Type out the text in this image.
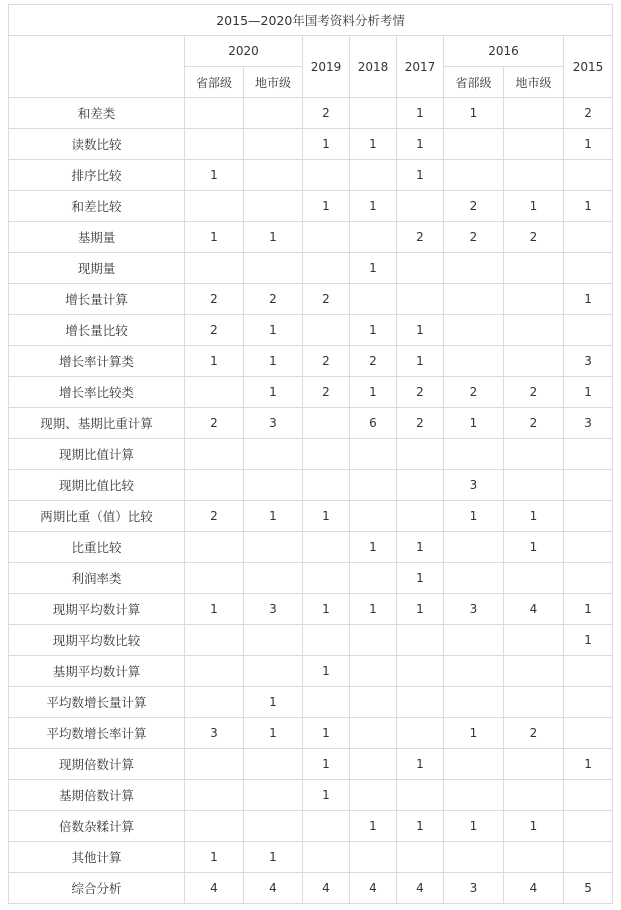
2015—2020年国考资料分析考情								
	2020		2019	2018	2017	2016		2015
	省部级	地市级				省部级	地市级	
和差类			2		1	1		2
读数比较			1	1	1			1
排序比较	1				1			
和差比较			1	1		2	1	1
基期量	1	1			2	2	2	
现期量				1				
增长量计算	2	2	2					1
增长量比较	2	1		1	1			
增长率计算类	1	1	2	2	1			3
增长率比较类		1	2	1	2	2	2	1
现期、基期比重计算	2	3		6	2	1	2	3
现期比值计算								
现期比值比较						3		
两期比重（值）比较	2	1	1			1	1	
比重比较				1	1		1	
利润率类					1			
现期平均数计算	1	3	1	1	1	3	4	1
现期平均数比较								1
基期平均数计算			1					
平均数增长量计算		1						
平均数增长率计算	3	1	1			1	2	
现期倍数计算			1		1			1
基期倍数计算			1					
倍数杂糅计算				1	1	1	1	
其他计算	1	1						
综合分析	4	4	4	4	4	3	4	5
